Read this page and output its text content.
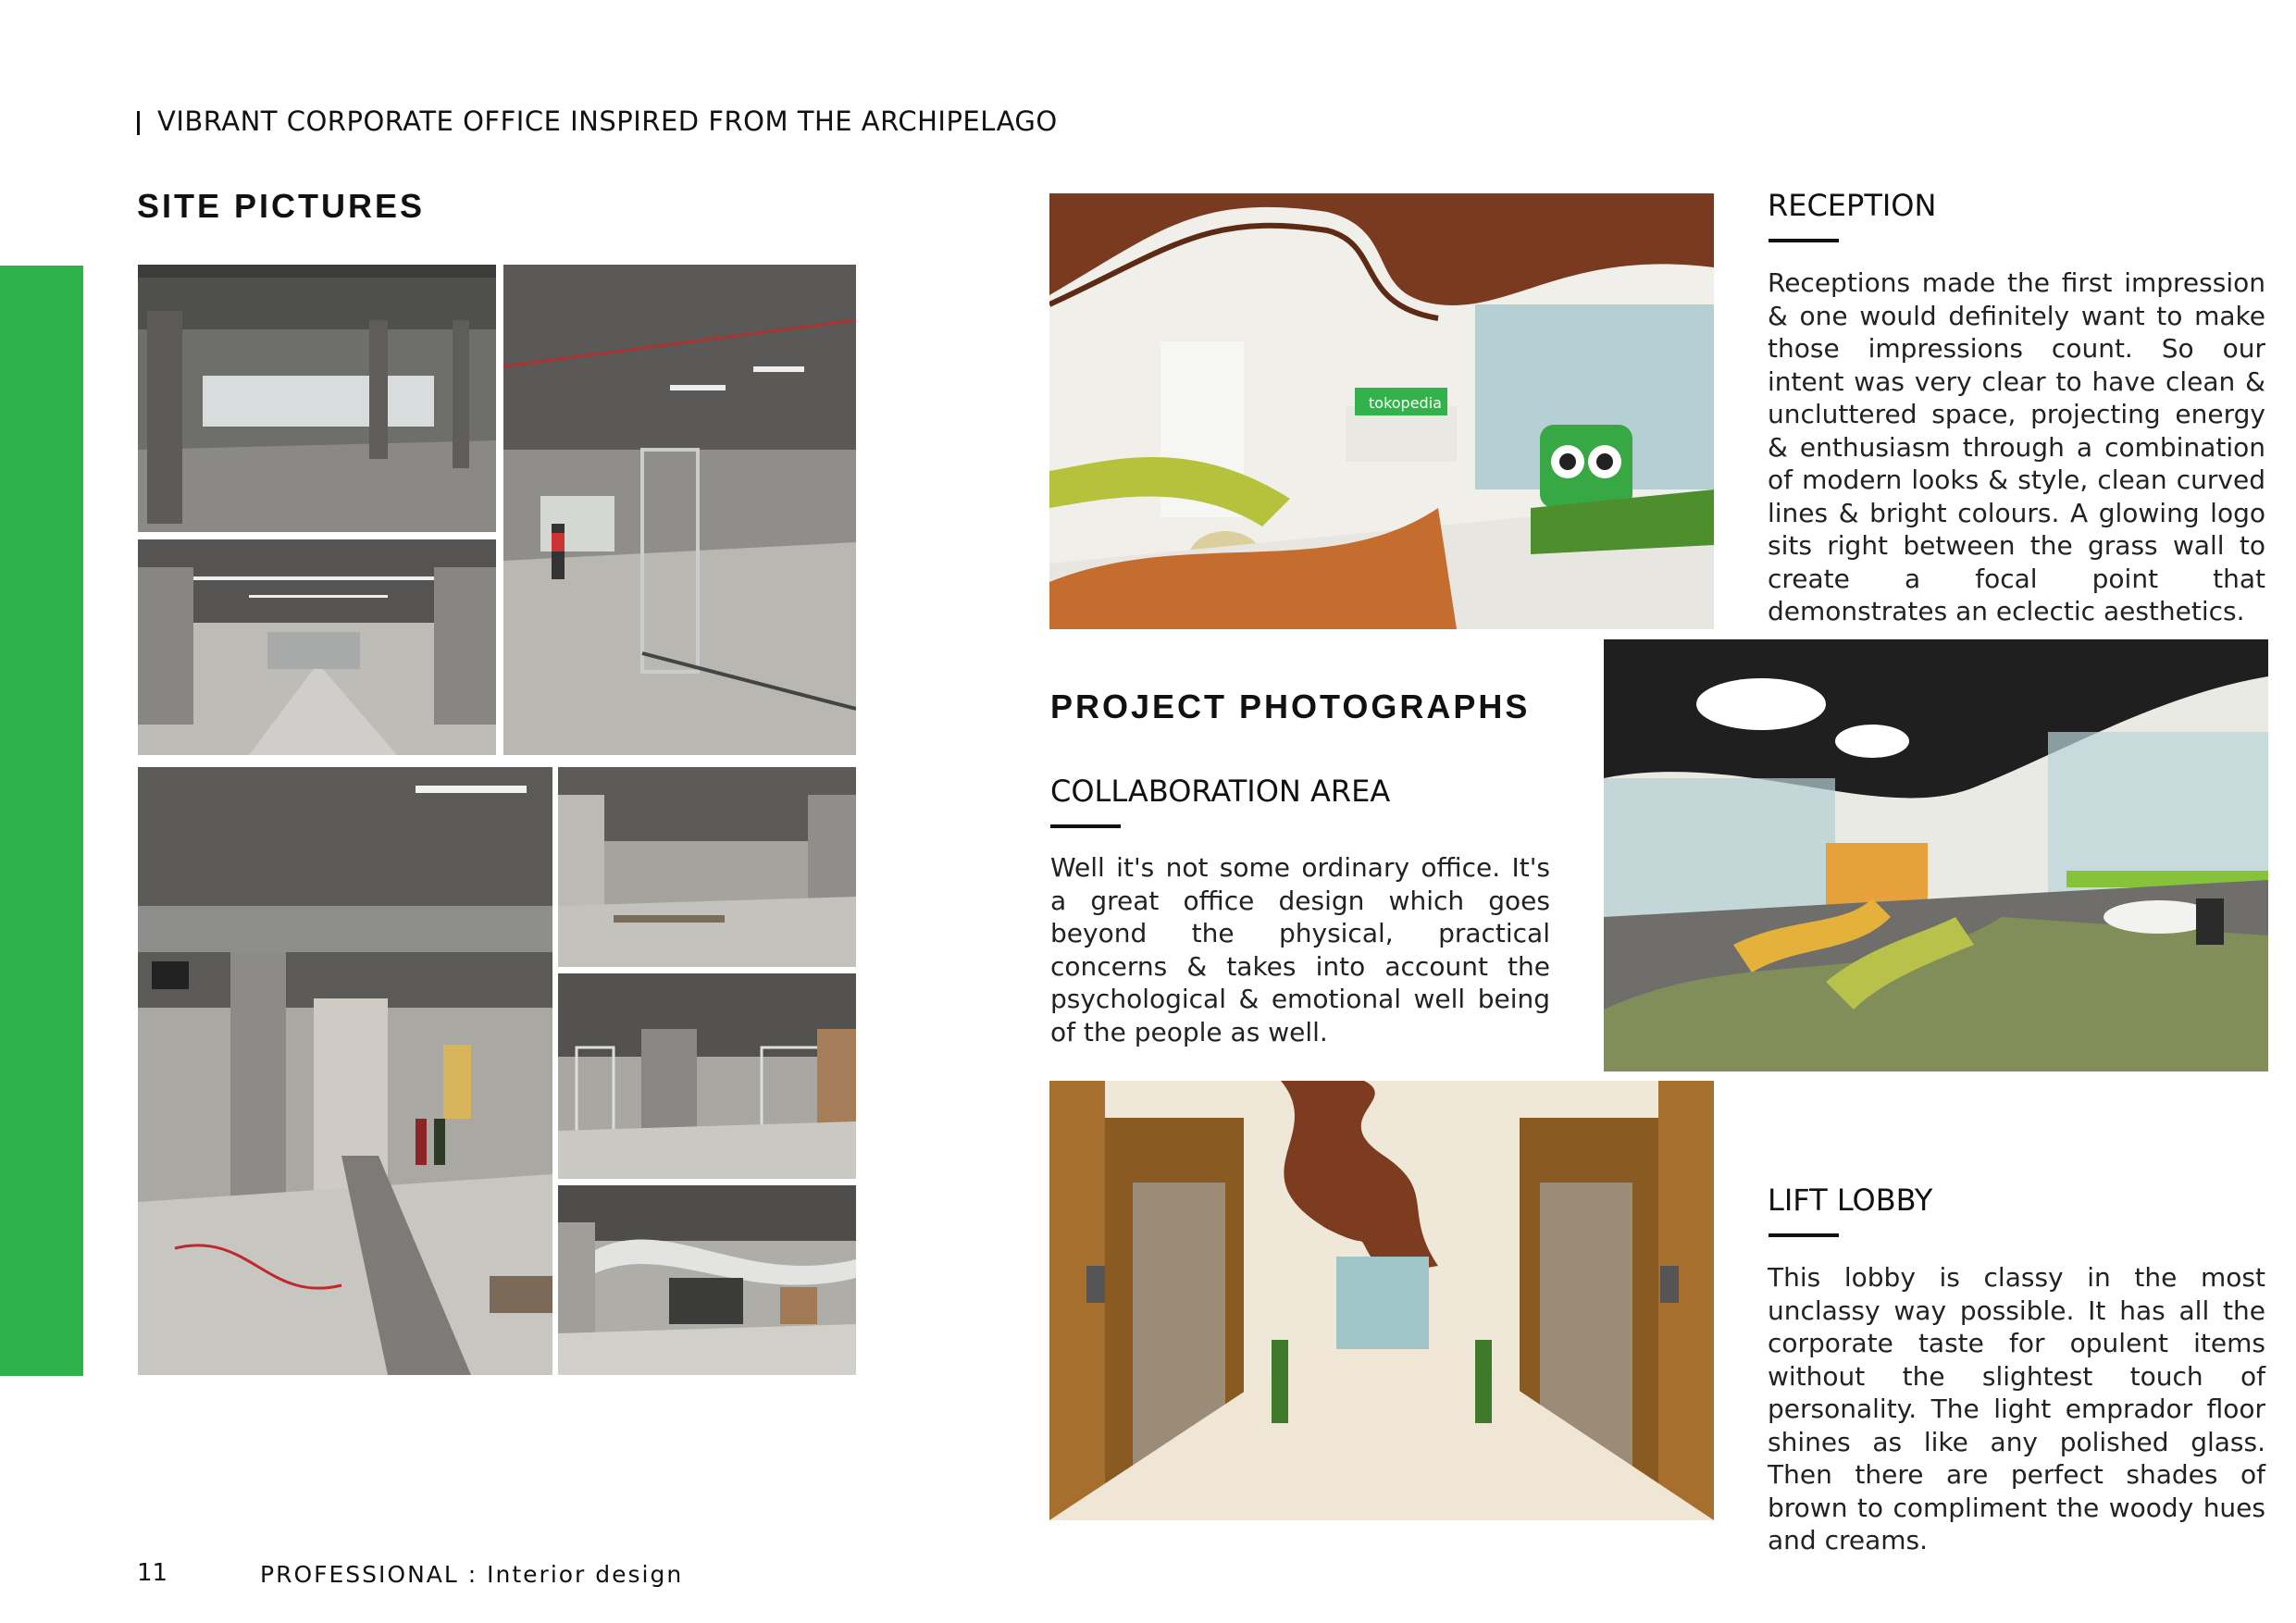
VIBRANT CORPORATE OFFICE INSPIRED FROM THE ARCHIPELAGO
SITE PICTURES
tokopedia
RECEPTION
Receptions made the first impression & one would definitely want to make those impressions count. So our intent was very clear to have clean & uncluttered space, projecting energy & enthusiasm through a combination of modern looks & style, clean curved lines & bright colours. A glowing logo sits right between the grass wall to create a focal point that demonstrates an eclectic aesthetics.
PROJECT PHOTOGRAPHS
COLLABORATION AREA
Well it's not some ordinary office. It's a great office design which goes beyond the physical, practical concerns & takes into account the psychological & emotional well being of the people as well.
LIFT LOBBY
This lobby is classy in the most unclassy way possible. It has all the corporate taste for opulent items without the slightest touch of personality. The light emprador floor shines as like any polished glass. Then there are perfect shades of brown to compliment the woody hues and creams.
11	PROFESSIONAL : Interior design
